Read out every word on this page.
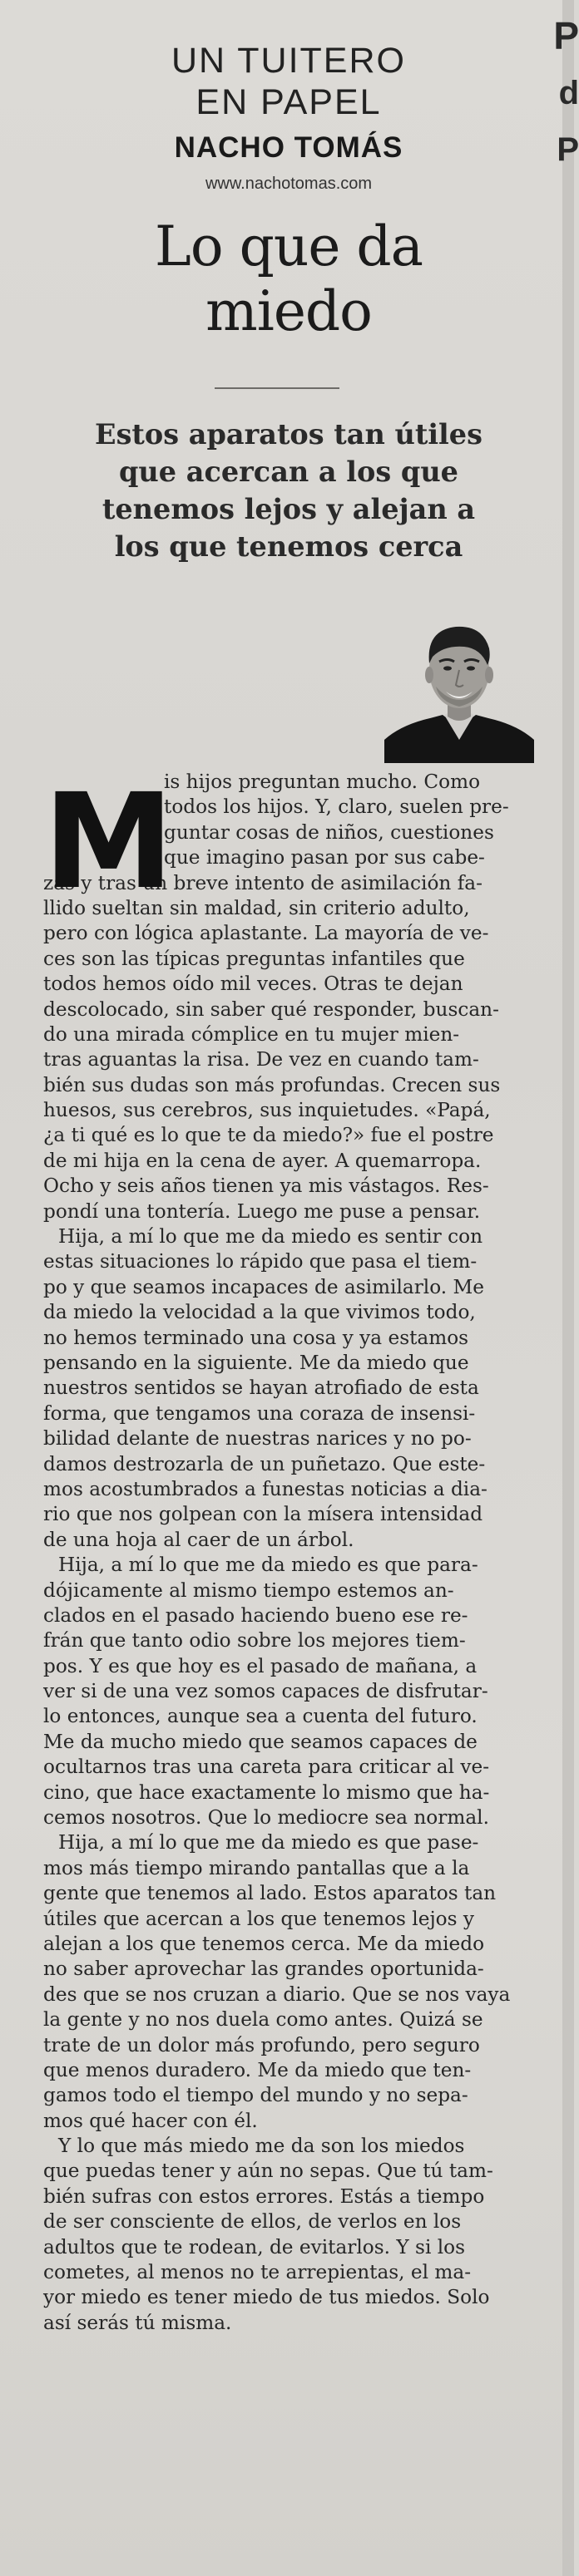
P
d
P
UN TUITERO
EN PAPEL
NACHO TOMÁS
www.nachotomas.com
Lo que da
miedo
Estos aparatos tan útiles
que acercan a los que
tenemos lejos y alejan a
los que tenemos cerca
M
is hijos preguntan mucho. Como
todos los hijos. Y, claro, suelen pre-
guntar cosas de niños, cuestiones
que imagino pasan por sus cabe-
zas y tras un breve intento de asimilación fa-
llido sueltan sin maldad, sin criterio adulto,
pero con lógica aplastante. La mayoría de ve-
ces son las típicas preguntas infantiles que
todos hemos oído mil veces. Otras te dejan
descolocado, sin saber qué responder, buscan-
do una mirada cómplice en tu mujer mien-
tras aguantas la risa. De vez en cuando tam-
bién sus dudas son más profundas. Crecen sus
huesos, sus cerebros, sus inquietudes. «Papá,
¿a ti qué es lo que te da miedo?» fue el postre
de mi hija en la cena de ayer. A quemarropa.
Ocho y seis años tienen ya mis vástagos. Res-
pondí una tontería. Luego me puse a pensar.
Hija, a mí lo que me da miedo es sentir con
estas situaciones lo rápido que pasa el tiem-
po y que seamos incapaces de asimilarlo. Me
da miedo la velocidad a la que vivimos todo,
no hemos terminado una cosa y ya estamos
pensando en la siguiente. Me da miedo que
nuestros sentidos se hayan atrofiado de esta
forma, que tengamos una coraza de insensi-
bilidad delante de nuestras narices y no po-
damos destrozarla de un puñetazo. Que este-
mos acostumbrados a funestas noticias a dia-
rio que nos golpean con la mísera intensidad
de una hoja al caer de un árbol.
Hija, a mí lo que me da miedo es que para-
dójicamente al mismo tiempo estemos an-
clados en el pasado haciendo bueno ese re-
frán que tanto odio sobre los mejores tiem-
pos. Y es que hoy es el pasado de mañana, a
ver si de una vez somos capaces de disfrutar-
lo entonces, aunque sea a cuenta del futuro.
Me da mucho miedo que seamos capaces de
ocultarnos tras una careta para criticar al ve-
cino, que hace exactamente lo mismo que ha-
cemos nosotros. Que lo mediocre sea normal.
Hija, a mí lo que me da miedo es que pase-
mos más tiempo mirando pantallas que a la
gente que tenemos al lado. Estos aparatos tan
útiles que acercan a los que tenemos lejos y
alejan a los que tenemos cerca. Me da miedo
no saber aprovechar las grandes oportunida-
des que se nos cruzan a diario. Que se nos vaya
la gente y no nos duela como antes. Quizá se
trate de un dolor más profundo, pero seguro
que menos duradero. Me da miedo que ten-
gamos todo el tiempo del mundo y no sepa-
mos qué hacer con él.
Y lo que más miedo me da son los miedos
que puedas tener y aún no sepas. Que tú tam-
bién sufras con estos errores. Estás a tiempo
de ser consciente de ellos, de verlos en los
adultos que te rodean, de evitarlos. Y si los
cometes, al menos no te arrepientas, el ma-
yor miedo es tener miedo de tus miedos. Solo
así serás tú misma.
